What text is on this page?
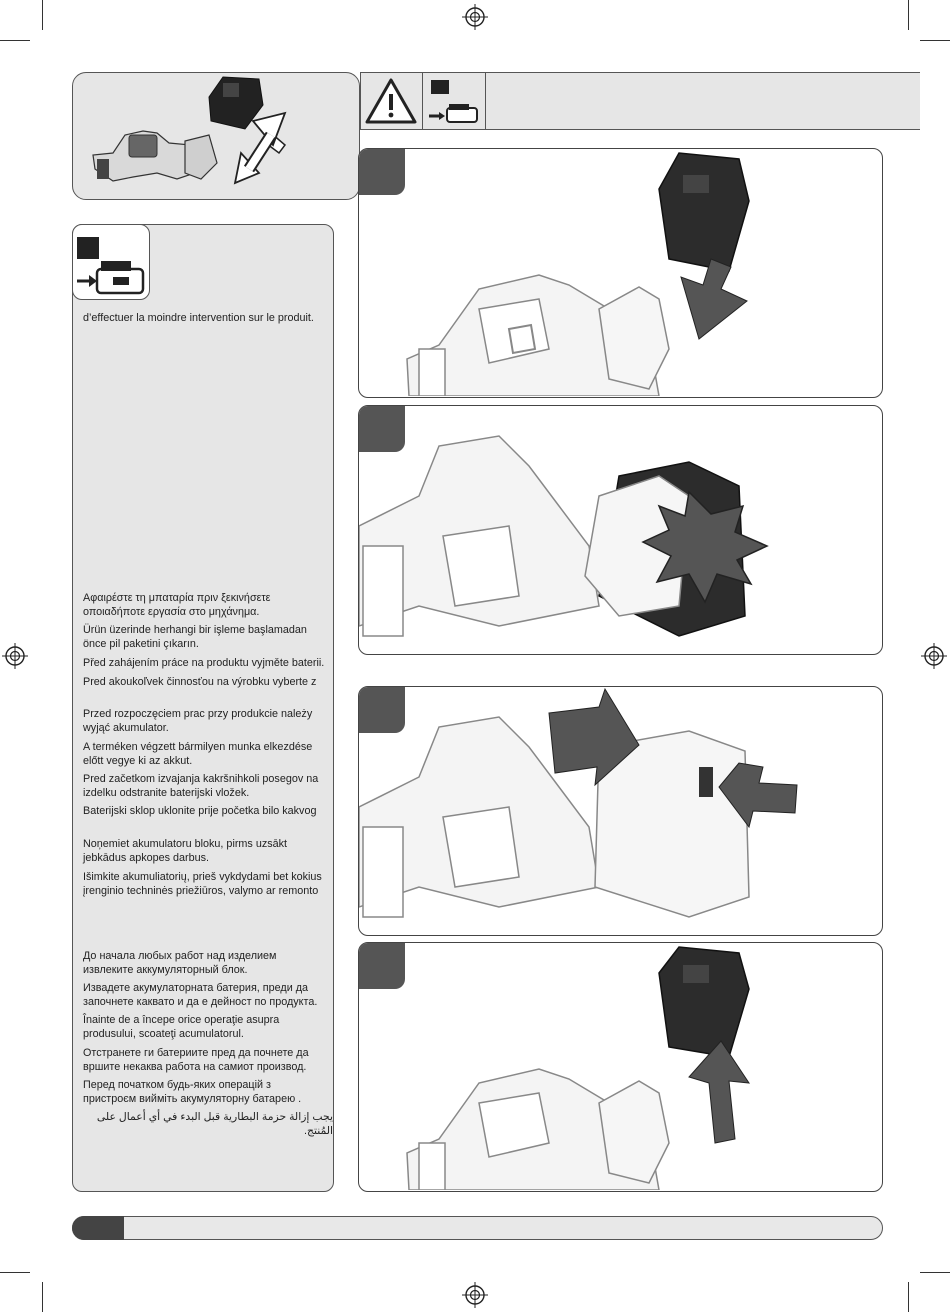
d’effectuer la moindre intervention sur le produit.
Αφαιρέστε τη μπαταρία πριν ξεκινήσετε
οποιαδήποτε εργασία στο μηχάνημα.
Ürün üzerinde herhangi bir işleme başlamadan
önce pil paketini çıkarın.
Před zahájením práce na produktu vyjměte baterii.
Pred akoukoľvek činnosťou na výrobku vyberte z
Przed rozpoczęciem prac przy produkcie należy
wyjąć akumulator.
A terméken végzett bármilyen munka elkezdése
előtt vegye ki az akkut.
Pred začetkom izvajanja kakršnihkoli posegov na
izdelku odstranite baterijski vložek.
Baterijski sklop uklonite prije početka bilo kakvog
Noņemiet akumulatoru bloku, pirms uzsākt
jebkādus apkopes darbus.
Išimkite akumuliatorių, prieš vykdydami bet kokius
įrenginio techninės priežiūros, valymo ar remonto
До начала любых работ над изделием
извлеките аккумуляторный блок.
Извадете акумулаторната батерия, преди да
започнете каквато и да е дейност по продукта.
Înainte de a începe orice operaţie asupra
produsului, scoateţi acumulatorul.
Отстранете ги батериите пред да почнете да
вршите некаква работа на самиот производ.
Перед початком будь-яких операцій з
пристроєм вийміть акумуляторну батарею .
يجب إزالة حزمة البطارية قبل البدء في أي أعمال على المُنتج.
